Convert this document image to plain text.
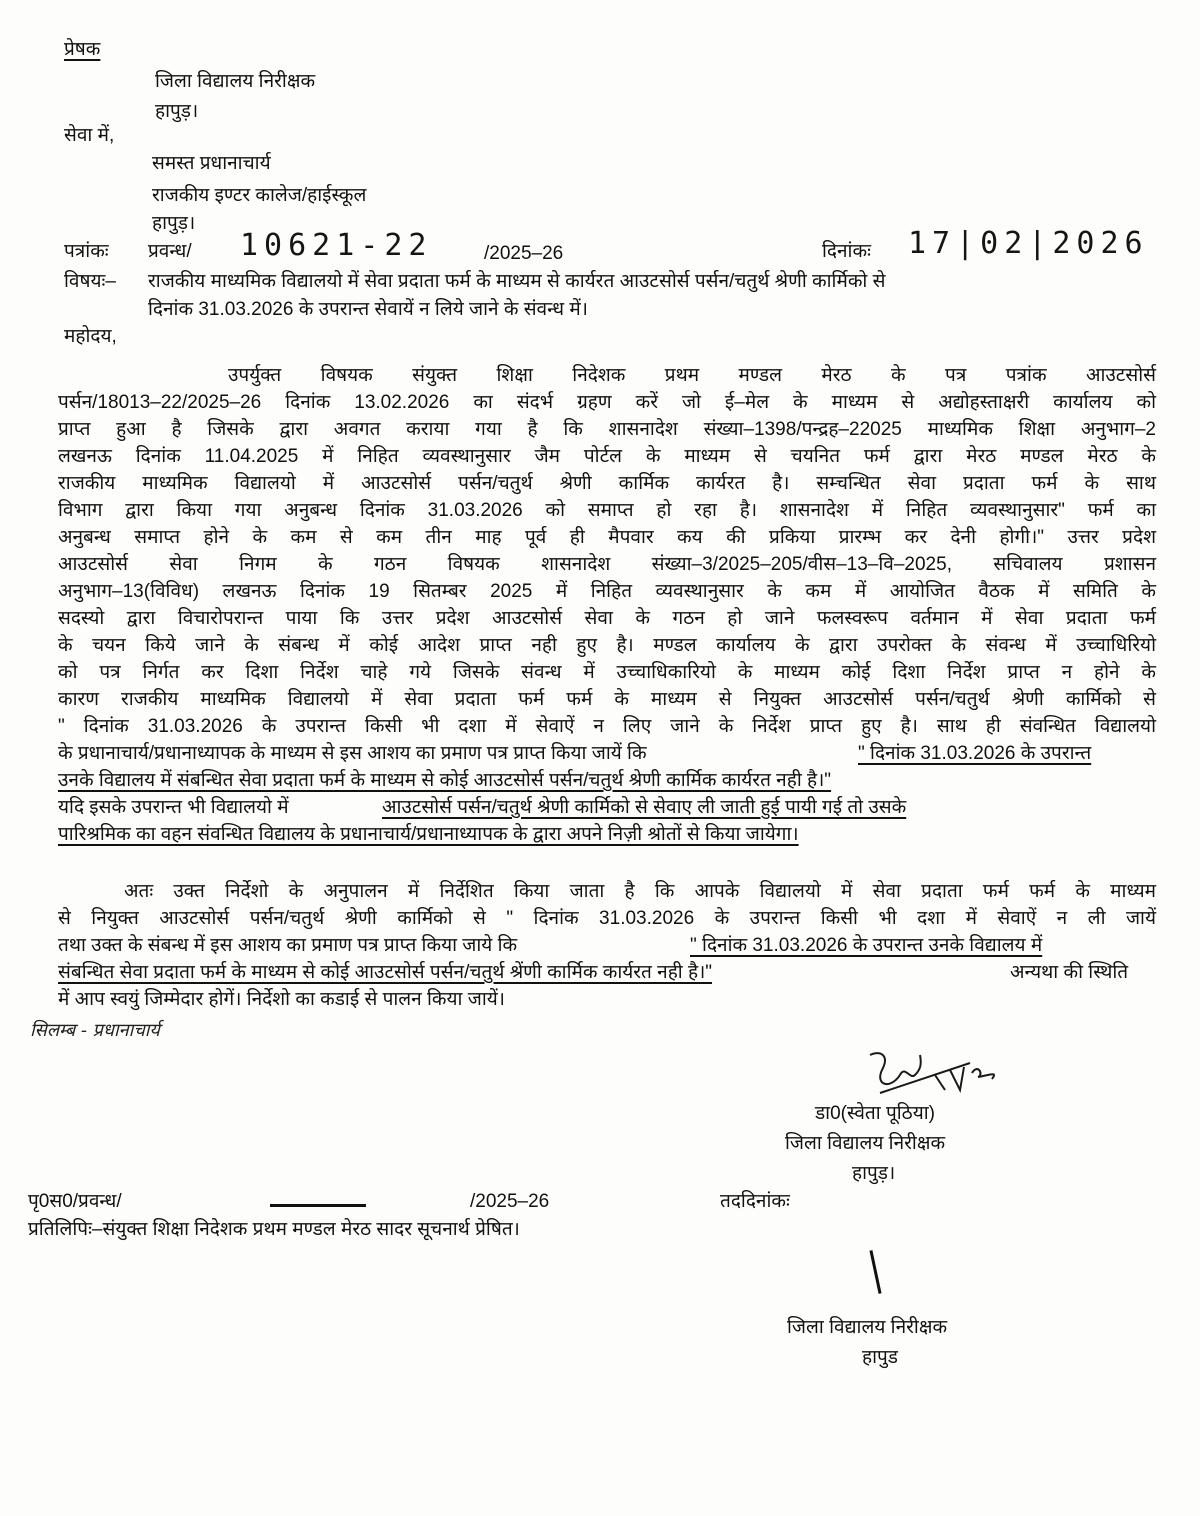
प्रेषक
जिला विद्यालय निरीक्षक
हापुड़।
सेवा में,
समस्त प्रधानाचार्य
राजकीय इण्टर कालेज/हाईस्कूल
हापुड़।
पत्रांकः प्रवन्ध/ 10621-22	/2025–26	दिनांकः 17|02|2026
विषयः– राजकीय माध्यमिक विद्यालयो में सेवा प्रदाता फर्म के माध्यम से कार्यरत आउटसोर्स पर्सन/चतुर्थ श्रेणी कार्मिको से
दिनांक 31.03.2026 के उपरान्त सेवायें न लिये जाने के संवन्ध में।
महोदय,
उपर्युक्त विषयक संयुक्त शिक्षा निदेशक प्रथम मण्डल मेरठ के पत्र पत्रांक आउटसोर्स
पर्सन/18013–22/2025–26 दिनांक 13.02.2026 का संदर्भ ग्रहण करें जो ई–मेल के माध्यम से अद्योहस्ताक्षरी कार्यालय को
प्राप्त हुआ है जिसके द्वारा अवगत कराया गया है कि शासनादेश संख्या–1398/पन्द्रह–22025 माध्यमिक शिक्षा अनुभाग–2
लखनऊ दिनांक 11.04.2025 में निहित व्यवस्थानुसार जैम पोर्टल के माध्यम से चयनित फर्म द्वारा मेरठ मण्डल मेरठ के
राजकीय माध्यमिक विद्यालयो में आउटसोर्स पर्सन/चतुर्थ श्रेणी कार्मिक कार्यरत है। सम्चन्धित सेवा प्रदाता फर्म के साथ
विभाग द्वारा किया गया अनुबन्ध दिनांक 31.03.2026 को समाप्त हो रहा है। शासनादेश में निहित व्यवस्थानुसार" फर्म का
अनुबन्ध समाप्त होने के कम से कम तीन माह पूर्व ही मैपवार कय की प्रकिया प्रारम्भ कर देनी होगी।" उत्तर प्रदेश
आउटसोर्स सेवा निगम के गठन विषयक शासनादेश संख्या–3/2025–205/वीस–13–वि–2025, सचिवालय प्रशासन
अनुभाग–13(विविध) लखनऊ दिनांक 19 सितम्बर 2025 में निहित व्यवस्थानुसार के कम में आयोजित वैठक में समिति के
सदस्यो द्वारा विचारोपरान्त पाया कि उत्तर प्रदेश आउटसोर्स सेवा के गठन हो जाने फलस्वरूप वर्तमान में सेवा प्रदाता फर्म
के चयन किये जाने के संबन्ध में कोई आदेश प्राप्त नही हुए है। मण्डल कार्यालय के द्वारा उपरोक्त के संवन्ध में उच्चाधिरियो
को पत्र निर्गत कर दिशा निर्देश चाहे गये जिसके संवन्ध में उच्चाधिकारियो के माध्यम कोई दिशा निर्देश प्राप्त न होने के
कारण राजकीय माध्यमिक विद्यालयो में सेवा प्रदाता फर्म फर्म के माध्यम से नियुक्त आउटसोर्स पर्सन/चतुर्थ श्रेणी कार्मिको से
" दिनांक 31.03.2026 के उपरान्त किसी भी दशा में सेवाऐं न लिए जाने के निर्देश प्राप्त हुए है। साथ ही संवन्धित विद्यालयो
के प्रधानाचार्य/प्रधानाध्यापक के माध्यम से इस आशय का प्रमाण पत्र प्राप्त किया जायें कि	" दिनांक 31.03.2026 के उपरान्त
उनके विद्यालय में संबन्धित सेवा प्रदाता फर्म के माध्यम से कोई आउटसोर्स पर्सन/चतुर्थ श्रेणी कार्मिक कार्यरत नही है।"
यदि इसके उपरान्त भी विद्यालयो में	आउटसोर्स पर्सन/चतुर्थ श्रेणी कार्मिको से सेवाए ली जाती हुई पायी गई तो उसके
पारिश्रमिक का वहन संवन्धित विद्यालय के प्रधानाचार्य/प्रधानाध्यापक के द्वारा अपने निज़ी श्रोतों से किया जायेगा।
अतः उक्त निर्देशो के अनुपालन में निर्देशित किया जाता है कि आपके विद्यालयो में सेवा प्रदाता फर्म फर्म के माध्यम
से नियुक्त आउटसोर्स पर्सन/चतुर्थ श्रेणी कार्मिको से " दिनांक 31.03.2026 के उपरान्त किसी भी दशा में सेवाऐं न ली जायें
तथा उक्त के संबन्ध में इस आशय का प्रमाण पत्र प्राप्त किया जाये कि	" दिनांक 31.03.2026 के उपरान्त उनके विद्यालय में
संबन्धित सेवा प्रदाता फर्म के माध्यम से कोई आउटसोर्स पर्सन/चतुर्थ श्रेंणी कार्मिक कार्यरत नही है।"	अन्यथा की स्थिति
में आप स्वयुं जिम्मेदार होगें। निर्देशो का कडाई से पालन किया जायें।
सिलम्ब - प्रधानाचार्य
डा0(स्वेता पूठिया)
जिला विद्यालय निरीक्षक
हापुड़।
पृ0स0/प्रवन्ध/	/2025–26	तददिनांकः
प्रतिलिपिः–संयुक्त शिक्षा निदेशक प्रथम मण्डल मेरठ सादर सूचनार्थ प्रेषित।
जिला विद्यालय निरीक्षक
हापुड
